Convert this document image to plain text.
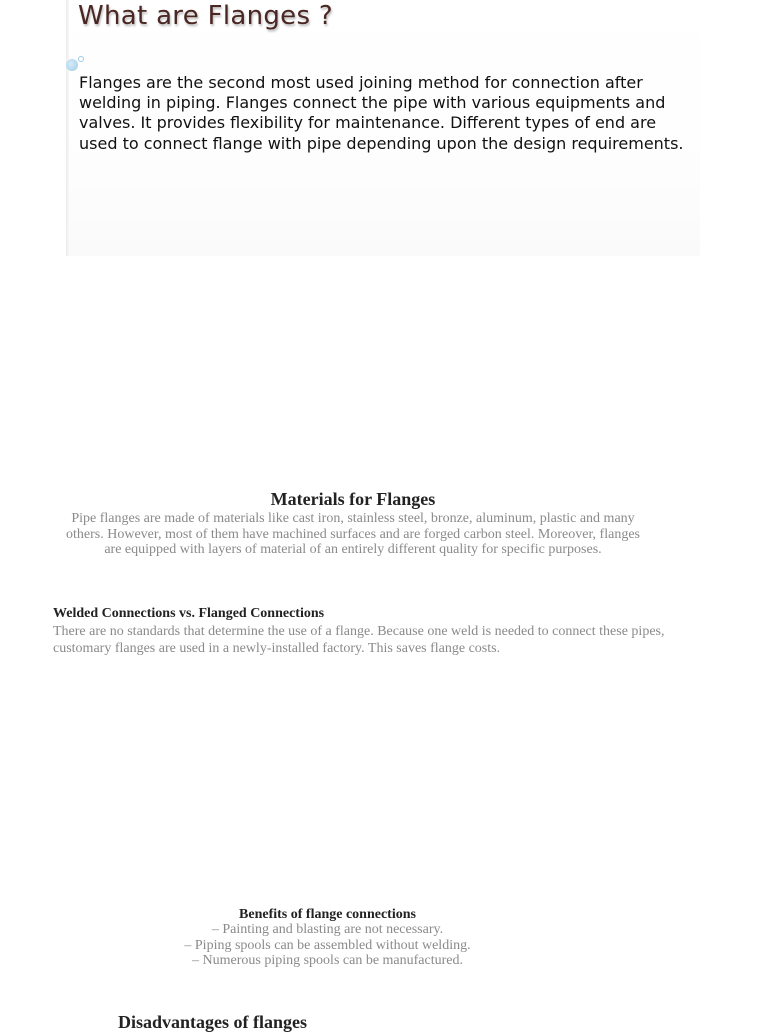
What are Flanges ?

Flanges are the second most used joining method for connection after welding in piping. Flanges connect the pipe with various equipments and valves. It provides flexibility for maintenance. Different types of end are used to connect flange with pipe depending upon the design requirements.

Materials for Flanges

Pipe flanges are made of materials like cast iron, stainless steel, bronze, aluminum, plastic and many others. However, most of them have machined surfaces and are forged carbon steel. Moreover, flanges are equipped with layers of material of an entirely different quality for specific purposes.

Welded Connections vs. Flanged Connections

There are no standards that determine the use of a flange. Because one weld is needed to connect these pipes, customary flanges are used in a newly-installed factory. This saves flange costs.

Benefits of flange connections
– Painting and blasting are not necessary.
– Piping spools can be assembled without welding.
– Numerous piping spools can be manufactured.
Disadvantages of flanges
